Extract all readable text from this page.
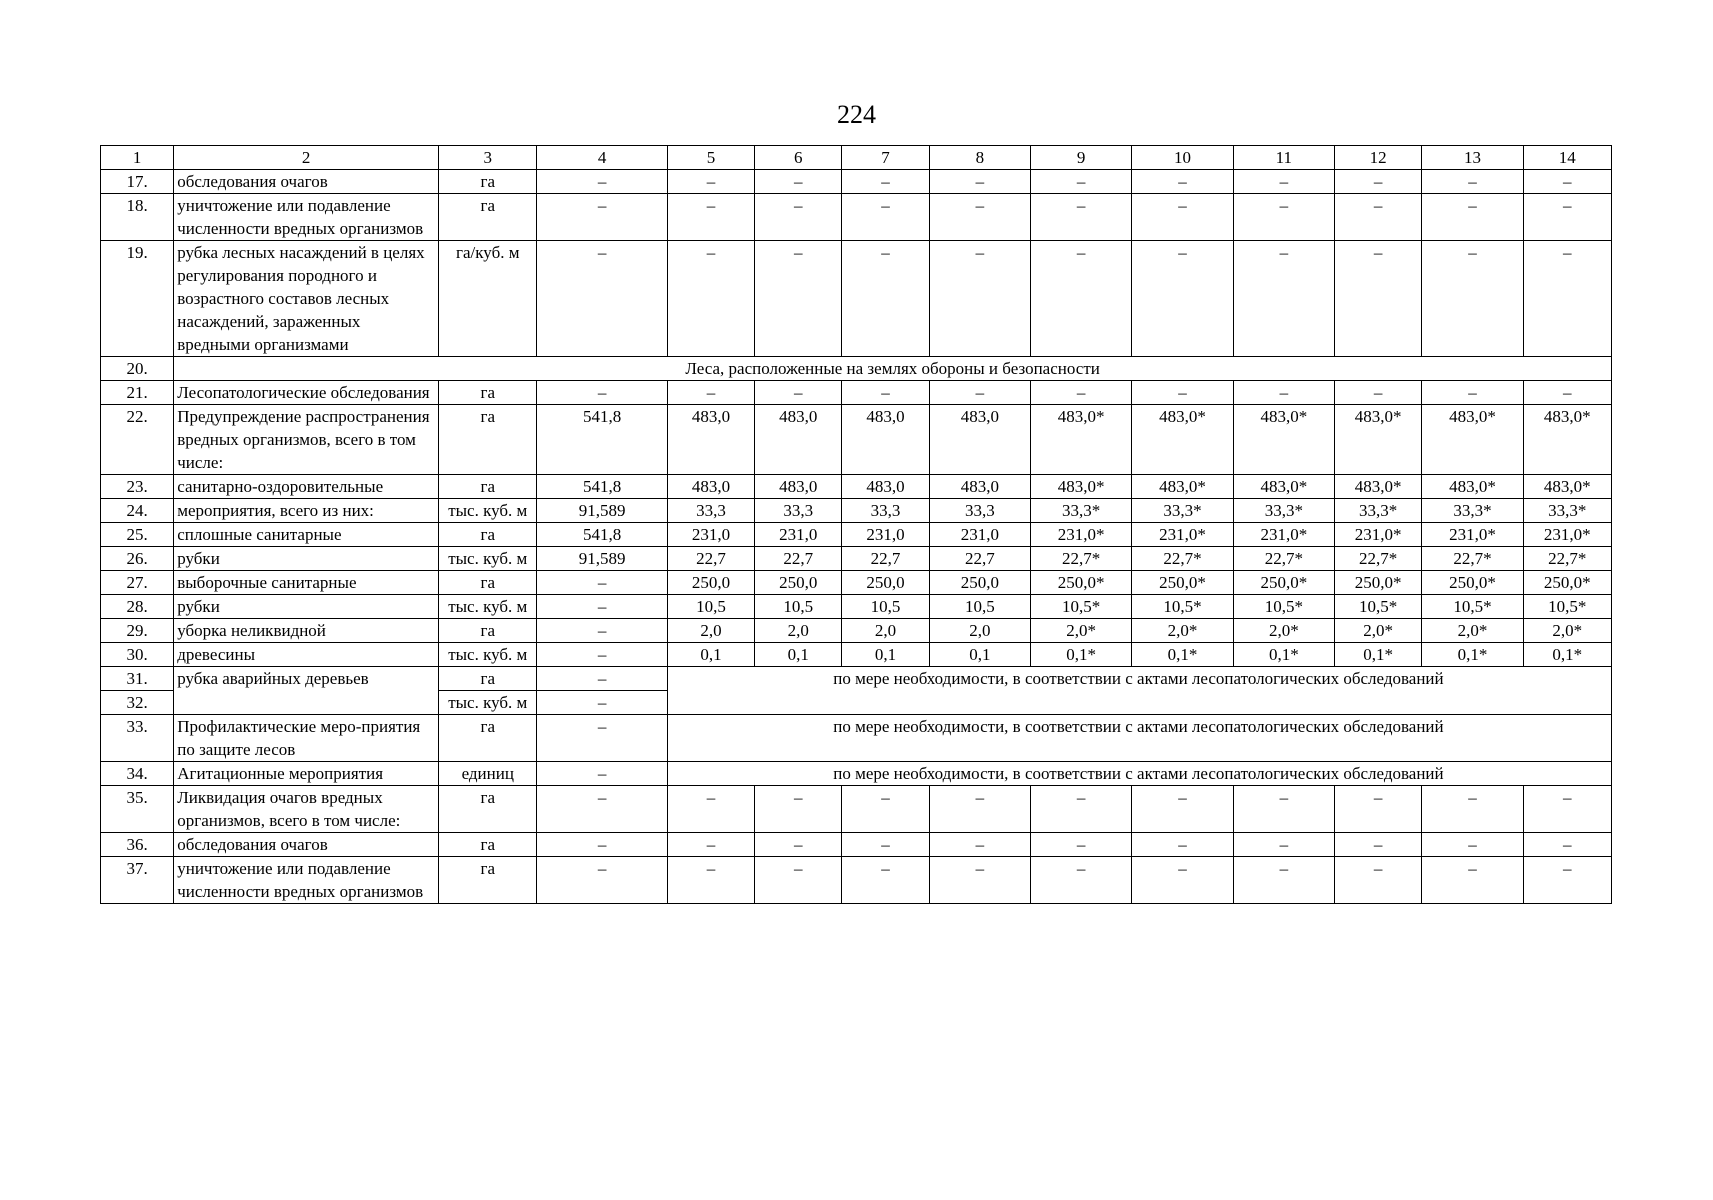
224
1	2	3	4	5	6	7	8	9	10	11	12	13	14
17.	обследования очагов	га	–	–	–	–	–	–	–	–	–	–	–
18.	уничтожение или подавление численности вредных организмов	га	–	–	–	–	–	–	–	–	–	–	–
19.	рубка лесных насаждений в целях регулирования породного и возрастного составов лесных насаждений, зараженных вредными организмами	га/куб. м	–	–	–	–	–	–	–	–	–	–	–
20.	Леса, расположенные на землях обороны и безопасности												
21.	Лесопатологические обследования	га	–	–	–	–	–	–	–	–	–	–	–
22.	Предупреждение распространения вредных организмов, всего в том числе:	га	541,8	483,0	483,0	483,0	483,0	483,0*	483,0*	483,0*	483,0*	483,0*	483,0*
23.	санитарно-оздоровительные	га	541,8	483,0	483,0	483,0	483,0	483,0*	483,0*	483,0*	483,0*	483,0*	483,0*
24.	мероприятия, всего из них:	тыс. куб. м	91,589	33,3	33,3	33,3	33,3	33,3*	33,3*	33,3*	33,3*	33,3*	33,3*
25.	сплошные санитарные	га	541,8	231,0	231,0	231,0	231,0	231,0*	231,0*	231,0*	231,0*	231,0*	231,0*
26.	рубки	тыс. куб. м	91,589	22,7	22,7	22,7	22,7	22,7*	22,7*	22,7*	22,7*	22,7*	22,7*
27.	выборочные санитарные	га	–	250,0	250,0	250,0	250,0	250,0*	250,0*	250,0*	250,0*	250,0*	250,0*
28.	рубки	тыс. куб. м	–	10,5	10,5	10,5	10,5	10,5*	10,5*	10,5*	10,5*	10,5*	10,5*
29.	уборка неликвидной	га	–	2,0	2,0	2,0	2,0	2,0*	2,0*	2,0*	2,0*	2,0*	2,0*
30.	древесины	тыс. куб. м	–	0,1	0,1	0,1	0,1	0,1*	0,1*	0,1*	0,1*	0,1*	0,1*
31.	рубка аварийных деревьев	га	–	по мере необходимости, в соответствии с актами лесопатологических обследований									
32.		тыс. куб. м	–										
33.	Профилактические меро-приятия по защите лесов	га	–	по мере необходимости, в соответствии с актами лесопатологических обследований									
34.	Агитационные мероприятия	единиц	–	по мере необходимости, в соответствии с актами лесопатологических обследований									
35.	Ликвидация очагов вредных организмов, всего в том числе:	га	–	–	–	–	–	–	–	–	–	–	–
36.	обследования очагов	га	–	–	–	–	–	–	–	–	–	–	–
37.	уничтожение или подавление численности вредных организмов	га	–	–	–	–	–	–	–	–	–	–	–
